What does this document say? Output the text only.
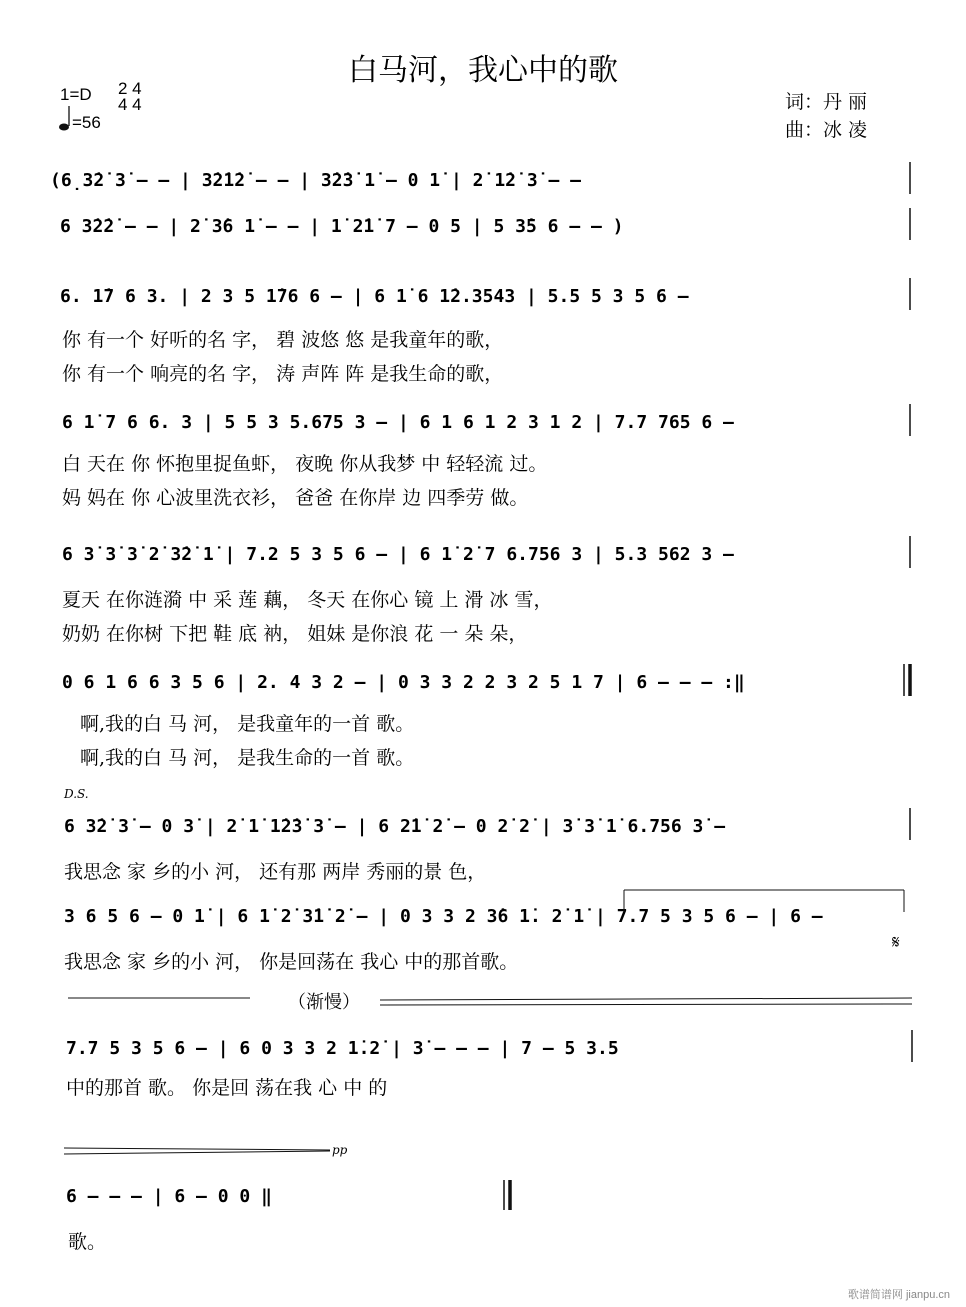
白马河，我心中的歌
1=D 2 4
4 4
=56
词：丹 丽
曲：冰 凌
(6̣3̇2̇ 3̇ – – | 3̇2̇1̇2̇ – – | 3̇2̇3̇ 1̇ – 0 1̇ | 2̇ 1̇2̇ 3̇ – –
6 3̇2̇2̇ – – | 2̇ 3̇6 1̇ – – | 1̇ 2̇1̇ 7 – 0 5 | 5 3̇5 6 – – )
6. 1̇7 6 3. | 2 3 5 1̇76 6 – | 6 1̇ 6 1̇2.3543 | 5.5 5 3 5 6 –
你 有一个 好听的名 字， 碧 波悠 悠 是我童年的歌，
你 有一个 响亮的名 字， 涛 声阵 阵 是我生命的歌，
6 1̇ 7 6 6. 3 | 5 5 3 5.675 3 – | 6 1 6 1 2 3 1 2 | 7.7 765 6 –
白 天在 你 怀抱里捉鱼虾， 夜晚 你从我梦 中 轻轻流 过。
妈 妈在 你 心波里洗衣衫， 爸爸 在你岸 边 四季劳 做。
6 3̇ 3̇ 3̇ 2̇ 3̇2̇ 1̇ | 7.2 5 3 5 6 – | 6 1̇ 2̇ 7 6.756 3 | 5.3 562 3 –
夏天 在你涟漪 中 采 莲 藕， 冬天 在你心 镜 上 滑 冰 雪，
奶奶 在你树 下把 鞋 底 衲， 姐妹 是你浪 花 一 朵 朵，
0 6 1 6 6 3 5 6 | 2. 4 3 2 – | 0 3 3 2 2 3 2 5 1 7 | 6 – – – :‖
啊,我的白 马 河， 是我童年的一首 歌。
啊,我的白 马 河， 是我生命的一首 歌。
D.S.
6 3̇2̇ 3̇ – 0 3̇ | 2̇ 1̇ 1̇2̇3̇ 3̇ – | 6 2̇1̇ 2̇ – 0 2̇ 2̇ | 3̇ 3̇ 1̇ 6.756 3̇ –
我思念 家 乡的小 河， 还有那 两岸 秀丽的景 色，
3 6 5 6 – 0 1̇ | 6 1̇ 2̇ 3̇1̇ 2̇ – | 0 3 3 2 3̇6 1̇. 2̇ 1̇ | 7.7 5 3 5 6 – | 6 –
𝄋
我思念 家 乡的小 河， 你是回荡在 我心 中的那首歌。
（渐慢）
7.7 5 3 5 6 – | 6 0 3 3 2 1̇.2̇ | 3̇ – – – | 7 – 5 3.5
中的那首 歌。 你是回 荡在我 心 中 的
pp
6 – – – | 6 – 0 0 ‖
歌。
歌谱简谱网 jianpu.cn
